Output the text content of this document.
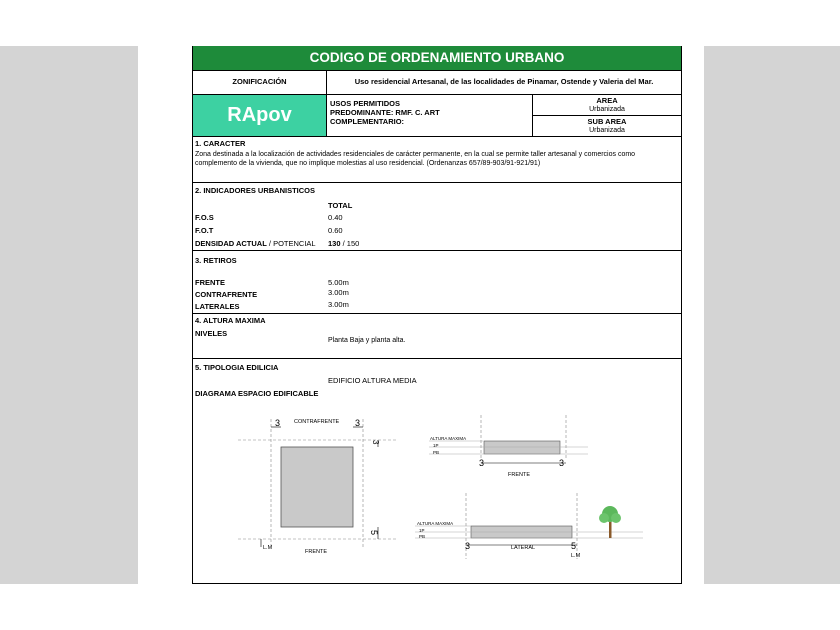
CODIGO DE ORDENAMIENTO URBANO
ZONIFICACIÓN	Uso residencial Artesanal, de las localidades de Pinamar, Ostende y Valeria del Mar.
RApov
USOS PERMITIDOS
PREDOMINANTE: RMF. C. ART
COMPLEMENTARIO:
AREA
Urbanizada
SUB AREA
Urbanizada
1. CARACTER
Zona destinada a la localización de actividades residenciales de carácter permanente, en la cual se permite taller artesanal y comercios como complemento de la vivienda, que no implique molestias al uso residencial. (Ordenanzas 657/89-903/91-921/91)
2. INDICADORES URBANISTICOS
TOTAL
F.O.S	0.40
F.O.T	0.60
DENSIDAD ACTUAL / POTENCIAL 130 / 150
3. RETIROS
FRENTE	5.00m
CONTRAFRENTE	3.00m
LATERALES	3.00m
4. ALTURA MAXIMA
NIVELES
Planta Baja y planta alta.
5. TIPOLOGIA EDILICIA
EDIFICIO ALTURA MEDIA
DIAGRAMA ESPACIO EDIFICABLE
3	3
3
CONTRAFRENTE
5
L.M
FRENTE
ALTURA MAXIMA
1P
PB
3	3
FRENTE
ALTURA MAXIMA
1P
PB
3	5
LATERAL
L.M
